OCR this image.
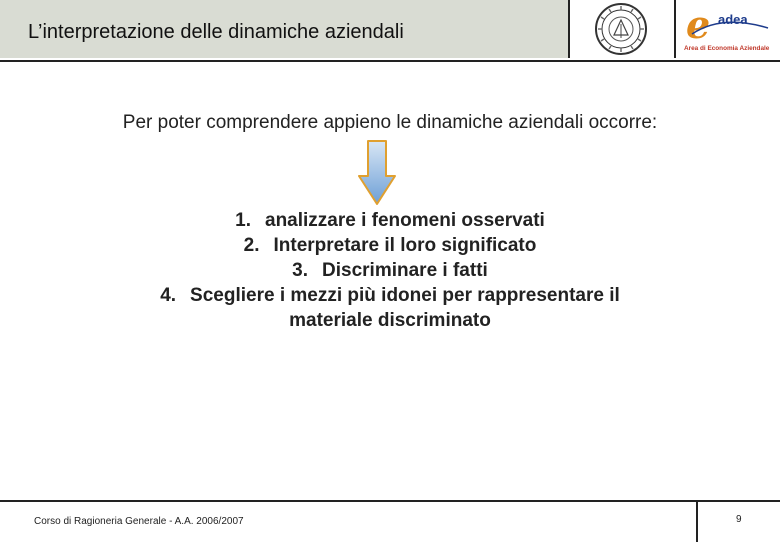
L’interpretazione delle dinamiche aziendali	e adea
Area di Economia Aziendale
Per poter comprendere appieno le dinamiche aziendali occorre:
1. analizzare i fenomeni osservati
2. Interpretare il loro significato
3. Discriminare i fatti
4. Scegliere i mezzi più idonei per rappresentare il
materiale discriminato
Corso di Ragioneria Generale - A.A. 2006/2007	9
